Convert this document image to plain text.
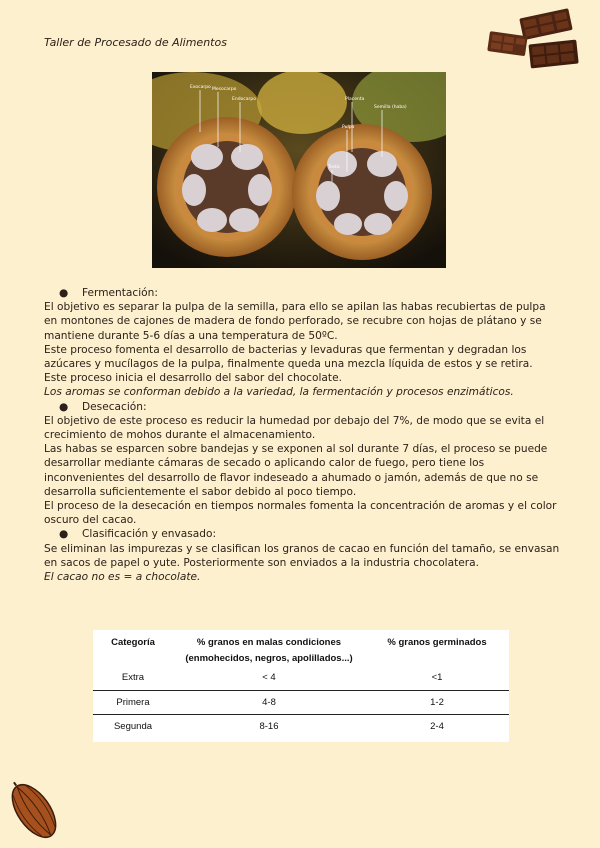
Taller de Procesado de Alimentos
Exocarpo Mesocarpo
Endocarpo	Placenta
Semilla (haba)
Pulpa
Testa

● Fermentación:

El objetivo es separar la pulpa de la semilla, para ello se apilan las habas recubiertas de pulpa en montones de cajones de madera de fondo perforado, se recubre con hojas de plátano y se mantiene durante 5-6 días a una temperatura de 50ºC.

Este proceso fomenta el desarrollo de bacterias y levaduras que fermentan y degradan los azúcares y mucílagos de la pulpa, finalmente queda una mezcla líquida de estos y se retira.

Este proceso inicia el desarrollo del sabor del chocolate.

Los aromas se conforman debido a la variedad, la fermentación y procesos enzimáticos.

● Desecación:

El objetivo de este proceso es reducir la humedad por debajo del 7%, de modo que se evita el crecimiento de mohos durante el almacenamiento.

Las habas se esparcen sobre bandejas y se exponen al sol durante 7 días, el proceso se puede desarrollar mediante cámaras de secado o aplicando calor de fuego, pero tiene los inconvenientes del desarrollo de flavor indeseado a ahumado o jamón, además de que no se desarrolla suficientemente el sabor debido al poco tiempo.

El proceso de la desecación en tiempos normales fomenta la concentración de aromas y el color oscuro del cacao.

● Clasificación y envasado:

Se eliminan las impurezas y se clasifican los granos de cacao en función del tamaño, se envasan en sacos de papel o yute. Posteriormente son enviados a la industria chocolatera.

El cacao no es = a chocolate.

Categoría	% granos en malas condiciones	% granos germinados
	(enmohecidos, negros, apolillados...)	
Extra	< 4	<1
Primera	4-8	1-2
Segunda	8-16	2-4
